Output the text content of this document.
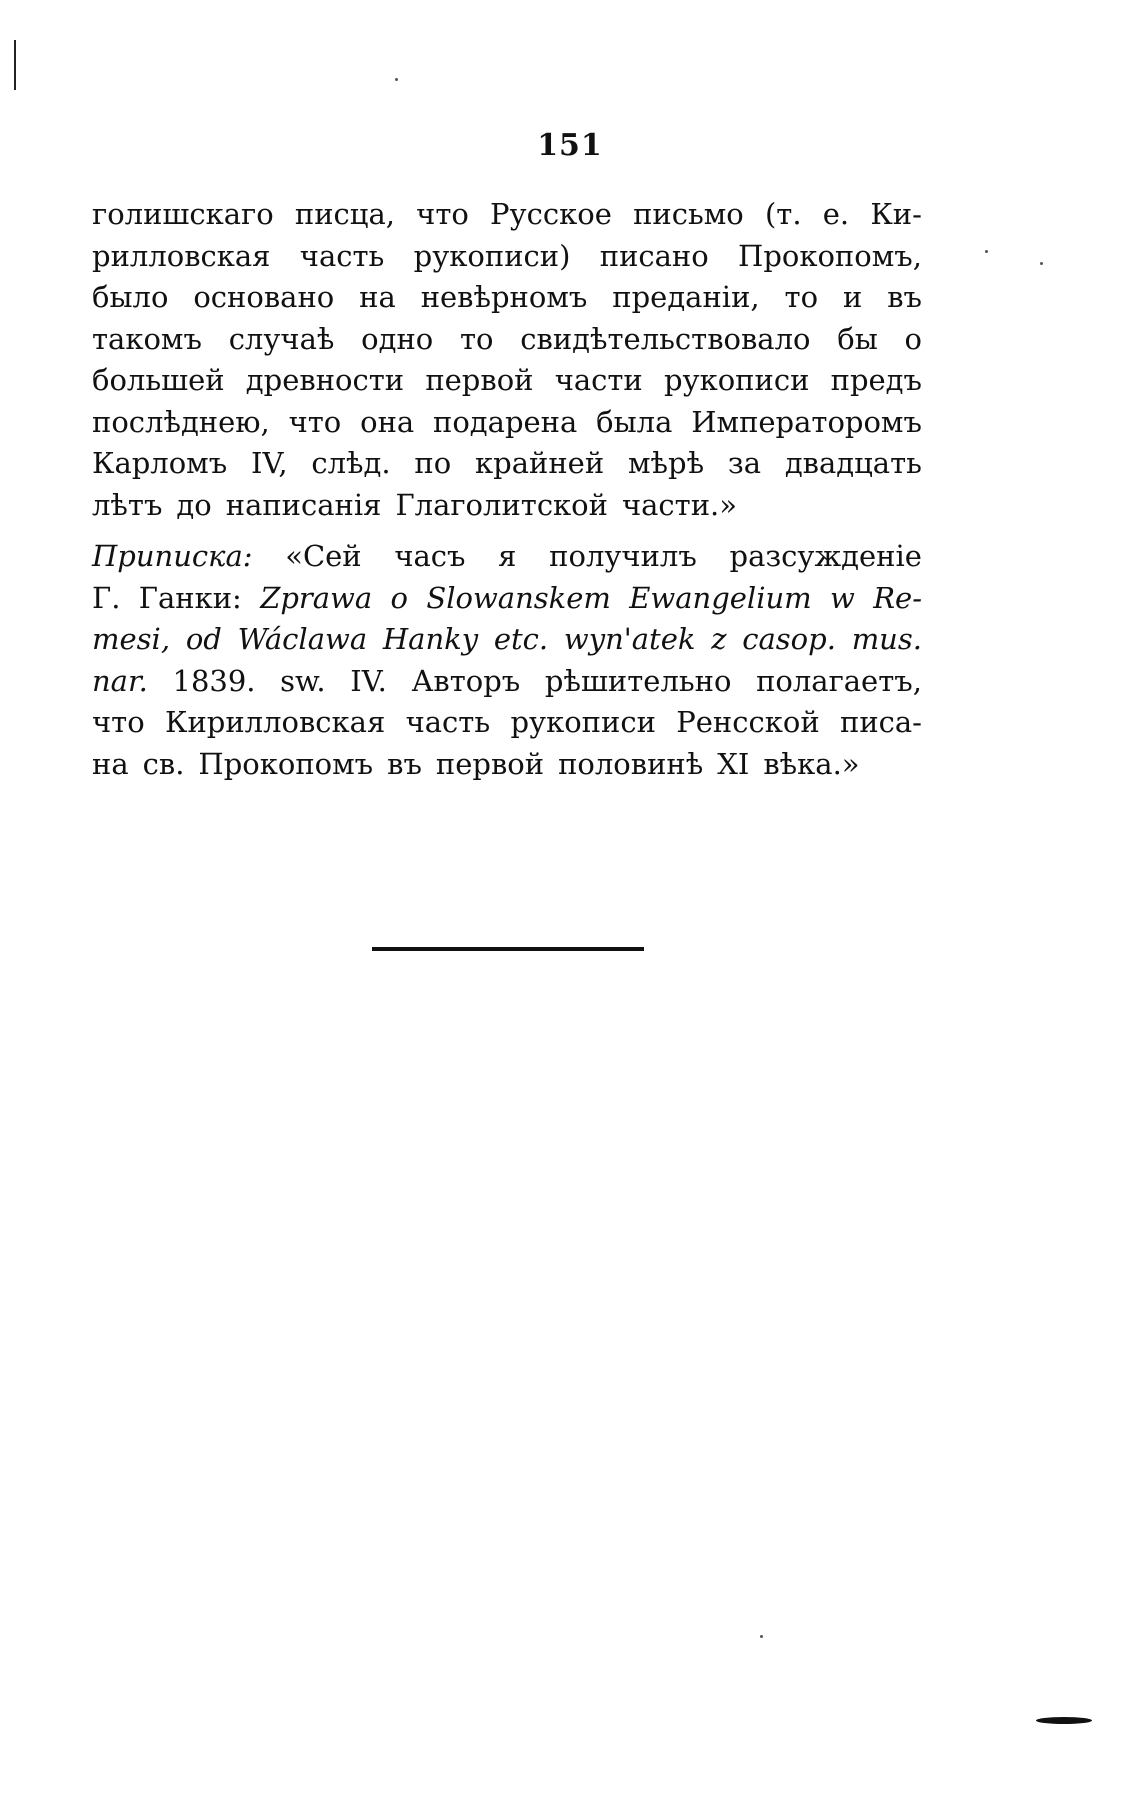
151
голишскаго писца, что Русское письмо (т. е. Ки-
рилловская часть рукописи) писано Прокопомъ,
было основано на невѣрномъ преданіи, то и въ
такомъ случаѣ одно то свидѣтельствовало бы о
большей древности первой части рукописи предъ
послѣднею, что она подарена была Императоромъ
Карломъ IV, слѣд. по крайней мѣрѣ за двадцать
лѣтъ до написанія Глаголитской части.»
Приписка: «Сей часъ я получилъ разсужденіе
Г. Ганки: Zprawa o Slowanskem Ewangelium w Re-
mesi, od Wáclawa Hanky etc. wyn'atek z casop. mus.
nar. 1839. sw. IV. Авторъ рѣшительно полагаетъ,
что Кирилловская часть рукописи Ренсской писа-
на св. Прокопомъ въ первой половинѣ XI вѣка.»
